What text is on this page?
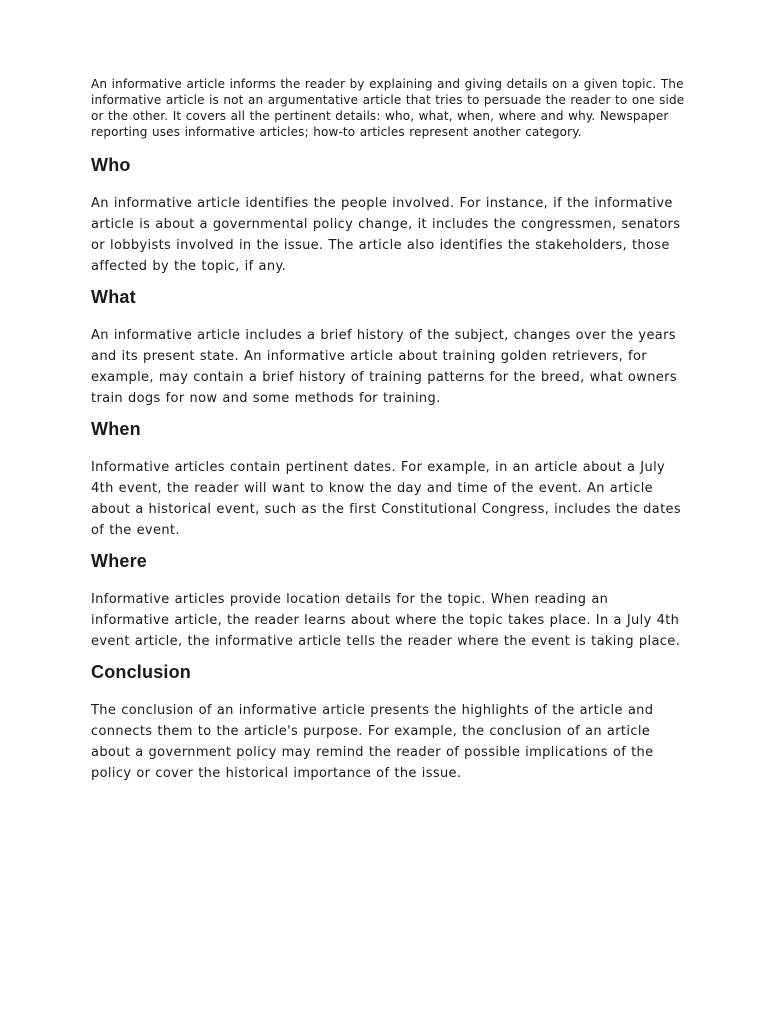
An informative article informs the reader by explaining and giving details on a given topic. The informative article is not an argumentative article that tries to persuade the reader to one side or the other. It covers all the pertinent details: who, what, when, where and why. Newspaper reporting uses informative articles; how-to articles represent another category.

Who

An informative article identifies the people involved. For instance, if the informative article is about a governmental policy change, it includes the congressmen, senators or lobbyists involved in the issue. The article also identifies the stakeholders, those affected by the topic, if any.

What

An informative article includes a brief history of the subject, changes over the years and its present state. An informative article about training golden retrievers, for example, may contain a brief history of training patterns for the breed, what owners train dogs for now and some methods for training.

When

Informative articles contain pertinent dates. For example, in an article about a July 4th event, the reader will want to know the day and time of the event. An article about a historical event, such as the first Constitutional Congress, includes the dates of the event.

Where

Informative articles provide location details for the topic. When reading an informative article, the reader learns about where the topic takes place. In a July 4th event article, the informative article tells the reader where the event is taking place.

Conclusion

The conclusion of an informative article presents the highlights of the article and connects them to the article's purpose. For example, the conclusion of an article about a government policy may remind the reader of possible implications of the policy or cover the historical importance of the issue.
